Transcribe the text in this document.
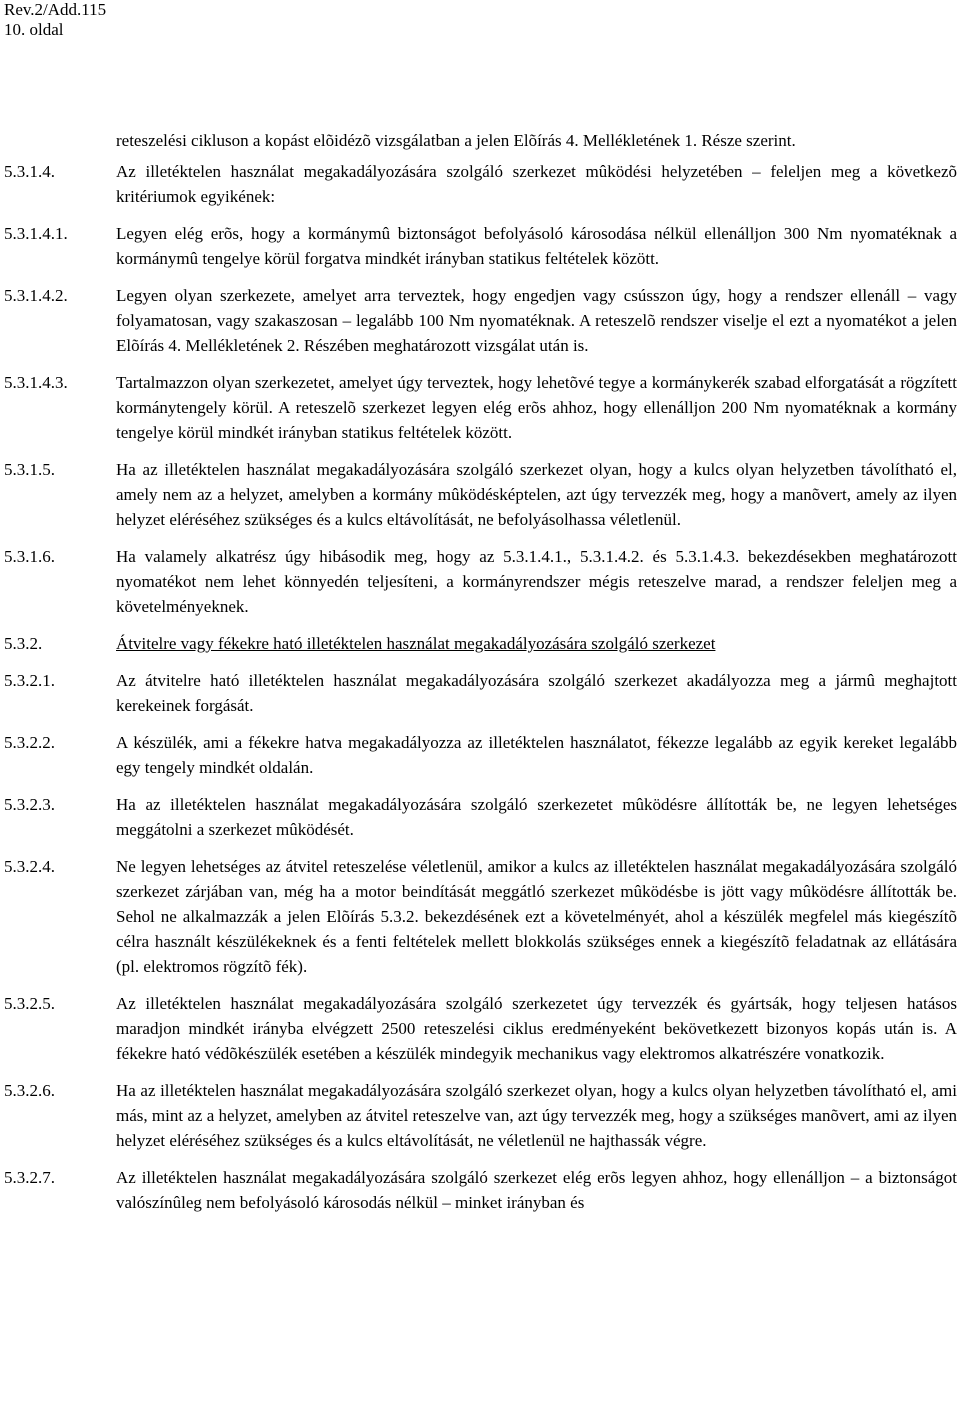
Rev.2/Add.115
10. oldal
reteszelési cikluson a kopást elõidézõ vizsgálatban a jelen Elõírás 4. Mellékletének 1. Része szerint.
5.3.1.4.	Az illetéktelen használat megakadályozására szolgáló szerkezet mûködési helyzetében – feleljen meg a következõ kritériumok egyikének:
5.3.1.4.1.	Legyen elég erõs, hogy a kormánymû biztonságot befolyásoló károsodása nélkül ellenálljon 300 Nm nyomatéknak a kormánymû tengelye körül forgatva mindkét irányban statikus feltételek között.
5.3.1.4.2.	Legyen olyan szerkezete, amelyet arra terveztek, hogy engedjen vagy csússzon úgy, hogy a rendszer ellenáll – vagy folyamatosan, vagy szakaszosan – legalább 100 Nm nyomatéknak. A reteszelõ rendszer viselje el ezt a nyomatékot a jelen Elõírás 4. Mellékletének 2. Részében meghatározott vizsgálat után is.
5.3.1.4.3.	Tartalmazzon olyan szerkezetet, amelyet úgy terveztek, hogy lehetõvé tegye a kormánykerék szabad elforgatását a rögzített kormánytengely körül. A reteszelõ szerkezet legyen elég erõs ahhoz, hogy ellenálljon 200 Nm nyomatéknak a kormány tengelye körül mindkét irányban statikus feltételek között.
5.3.1.5.	Ha az illetéktelen használat megakadályozására szolgáló szerkezet olyan, hogy a kulcs olyan helyzetben távolítható el, amely nem az a helyzet, amelyben a kormány mûködésképtelen, azt úgy tervezzék meg, hogy a manõvert, amely az ilyen helyzet eléréséhez szükséges és a kulcs eltávolítását, ne befolyásolhassa véletlenül.
5.3.1.6.	Ha valamely alkatrész úgy hibásodik meg, hogy az 5.3.1.4.1., 5.3.1.4.2. és 5.3.1.4.3. bekezdésekben meghatározott nyomatékot nem lehet könnyedén teljesíteni, a kormányrendszer mégis reteszelve marad, a rendszer feleljen meg a követelményeknek.
5.3.2.	Átvitelre vagy fékekre ható illetéktelen használat megakadályozására szolgáló szerkezet
5.3.2.1.	Az átvitelre ható illetéktelen használat megakadályozására szolgáló szerkezet akadályozza meg a jármû meghajtott kerekeinek forgását.
5.3.2.2.	A készülék, ami a fékekre hatva megakadályozza az illetéktelen használatot, fékezze legalább az egyik kereket legalább egy tengely mindkét oldalán.
5.3.2.3.	Ha az illetéktelen használat megakadályozására szolgáló szerkezetet mûködésre állították be, ne legyen lehetséges meggátolni a szerkezet mûködését.
5.3.2.4.	Ne legyen lehetséges az átvitel reteszelése véletlenül, amikor a kulcs az illetéktelen használat megakadályozására szolgáló szerkezet zárjában van, még ha a motor beindítását meggátló szerkezet mûködésbe is jött vagy mûködésre állították be. Sehol ne alkalmazzák a jelen Elõírás 5.3.2. bekezdésének ezt a követelményét, ahol a készülék megfelel más kiegészítõ célra használt készülékeknek és a fenti feltételek mellett blokkolás szükséges ennek a kiegészítõ feladatnak az ellátására (pl. elektromos rögzítõ fék).
5.3.2.5.	Az illetéktelen használat megakadályozására szolgáló szerkezetet úgy tervezzék és gyártsák, hogy teljesen hatásos maradjon mindkét irányba elvégzett 2500 reteszelési ciklus eredményeként bekövetkezett bizonyos kopás után is. A fékekre ható védõkészülék esetében a készülék mindegyik mechanikus vagy elektromos alkatrészére vonatkozik.
5.3.2.6.	Ha az illetéktelen használat megakadályozására szolgáló szerkezet olyan, hogy a kulcs olyan helyzetben távolítható el, ami más, mint az a helyzet, amelyben az átvitel reteszelve van, azt úgy tervezzék meg, hogy a szükséges manõvert, ami az ilyen helyzet eléréséhez szükséges és a kulcs eltávolítását, ne véletlenül ne hajthassák végre.
5.3.2.7.	Az illetéktelen használat megakadályozására szolgáló szerkezet elég erõs legyen ahhoz, hogy ellenálljon – a biztonságot valószínûleg nem befolyásoló károsodás nélkül – minket irányban és
